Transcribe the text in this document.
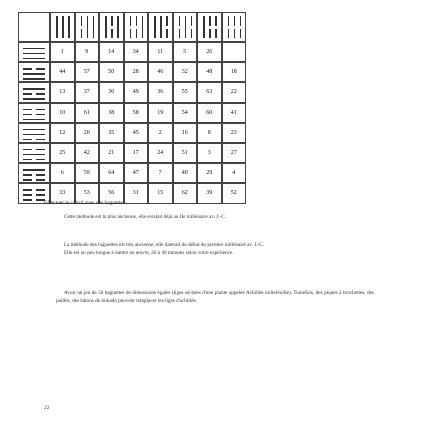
1	9	14	34	11	5	26
44	57	50	28	46	32	48	18
13	37	30	49	36	55	63	22
10	61	38	58	19	54	60	41
12	20	35	45	2	16	8	23
25	42	21	17	24	51	3	27
6	59	64	47	7	40	29	4
33	53	56	31	15	62	39	52
Effectuer le calcul avec des baguettes

Cette méthode est la plus ancienne, elle existait déjà au IIe millénaire av. J.-C.

La méthode des baguettes est très ancienne, elle daterait du début du premier millénaire av. J.-C.

Elle est un peu longue à mettre en œuvre, 20 à 40 minutes selon votre expérience.

Avoir un jeu de 50 baguettes de dimensions égales (tiges séchées d'une plante appelée Achillée millefeuille). Toutefois, des piques à brochettes, des pailles, des bâtons de mikado peuvent remplacer les tiges d'achillée.

22
